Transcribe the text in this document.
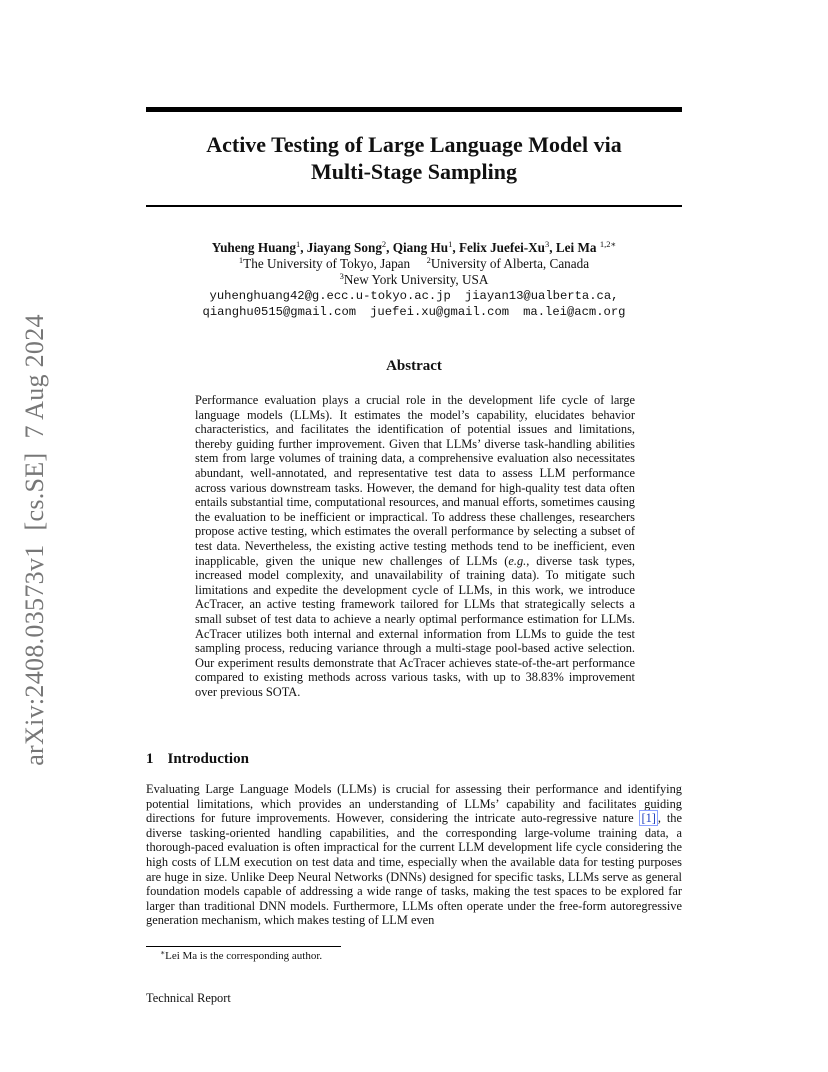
arXiv:2408.03573v1[cs.SE]7 Aug 2024
Active Testing of Large Language Model via
Multi-Stage Sampling
Yuheng Huang$^1$, Jiayang Song$^2$, Qiang Hu$^1$, Felix Juefei-Xu$^3$, Lei Ma $^{1,2∗}$
$^1$The University of Tokyo, Japan $^2$University of Alberta, Canada
$^3$New York University, USA
yuhenghuang42@g.ecc.u-tokyo.ac.jp jiayan13@ualberta.ca,
qianghu0515@gmail.com juefei.xu@gmail.com ma.lei@acm.org
Abstract

Performance evaluation plays a crucial role in the development life cycle of large language models (LLMs). It estimates the model’s capability, elucidates behavior characteristics, and facilitates the identification of potential issues and limitations, thereby guiding further improvement. Given that LLMs’ diverse task-handling abilities stem from large volumes of training data, a comprehensive evaluation also necessitates abundant, well-annotated, and representative test data to assess LLM performance across various downstream tasks. However, the demand for high-quality test data often entails substantial time, computational resources, and manual efforts, sometimes causing the evaluation to be inefficient or impractical. To address these challenges, researchers propose active testing, which estimates the overall performance by selecting a subset of test data. Nevertheless, the existing active testing methods tend to be inefficient, even inapplicable, given the unique new challenges of LLMs (e.g., diverse task types, increased model complexity, and unavailability of training data). To mitigate such limitations and expedite the development cycle of LLMs, in this work, we introduce AcTracer, an active testing framework tailored for LLMs that strategically selects a small subset of test data to achieve a nearly optimal performance estimation for LLMs. AcTracer utilizes both internal and external information from LLMs to guide the test sampling process, reducing variance through a multi-stage pool-based active selection. Our experiment results demonstrate that AcTracer achieves state-of-the-art performance compared to existing methods across various tasks, with up to 38.83% improvement over previous SOTA.

1 Introduction

Evaluating Large Language Models (LLMs) is crucial for assessing their performance and identifying potential limitations, which provides an understanding of LLMs’ capability and facilitates guiding directions for future improvements. However, considering the intricate auto-regressive nature [1] , the diverse tasking-oriented handling capabilities, and the corresponding large-volume training data, a thorough-paced evaluation is often impractical for the current LLM development life cycle considering the high costs of LLM execution on test data and time, especially when the available data for testing purposes are huge in size. Unlike Deep Neural Networks (DNNs) designed for specific tasks, LLMs serve as general foundation models capable of addressing a wide range of tasks, making the test spaces to be explored far larger than traditional DNN models. Furthermore, LLMs often operate under the free-form autoregressive generation mechanism, which makes testing of LLM even

∗Lei Ma is the corresponding author.
Technical Report
